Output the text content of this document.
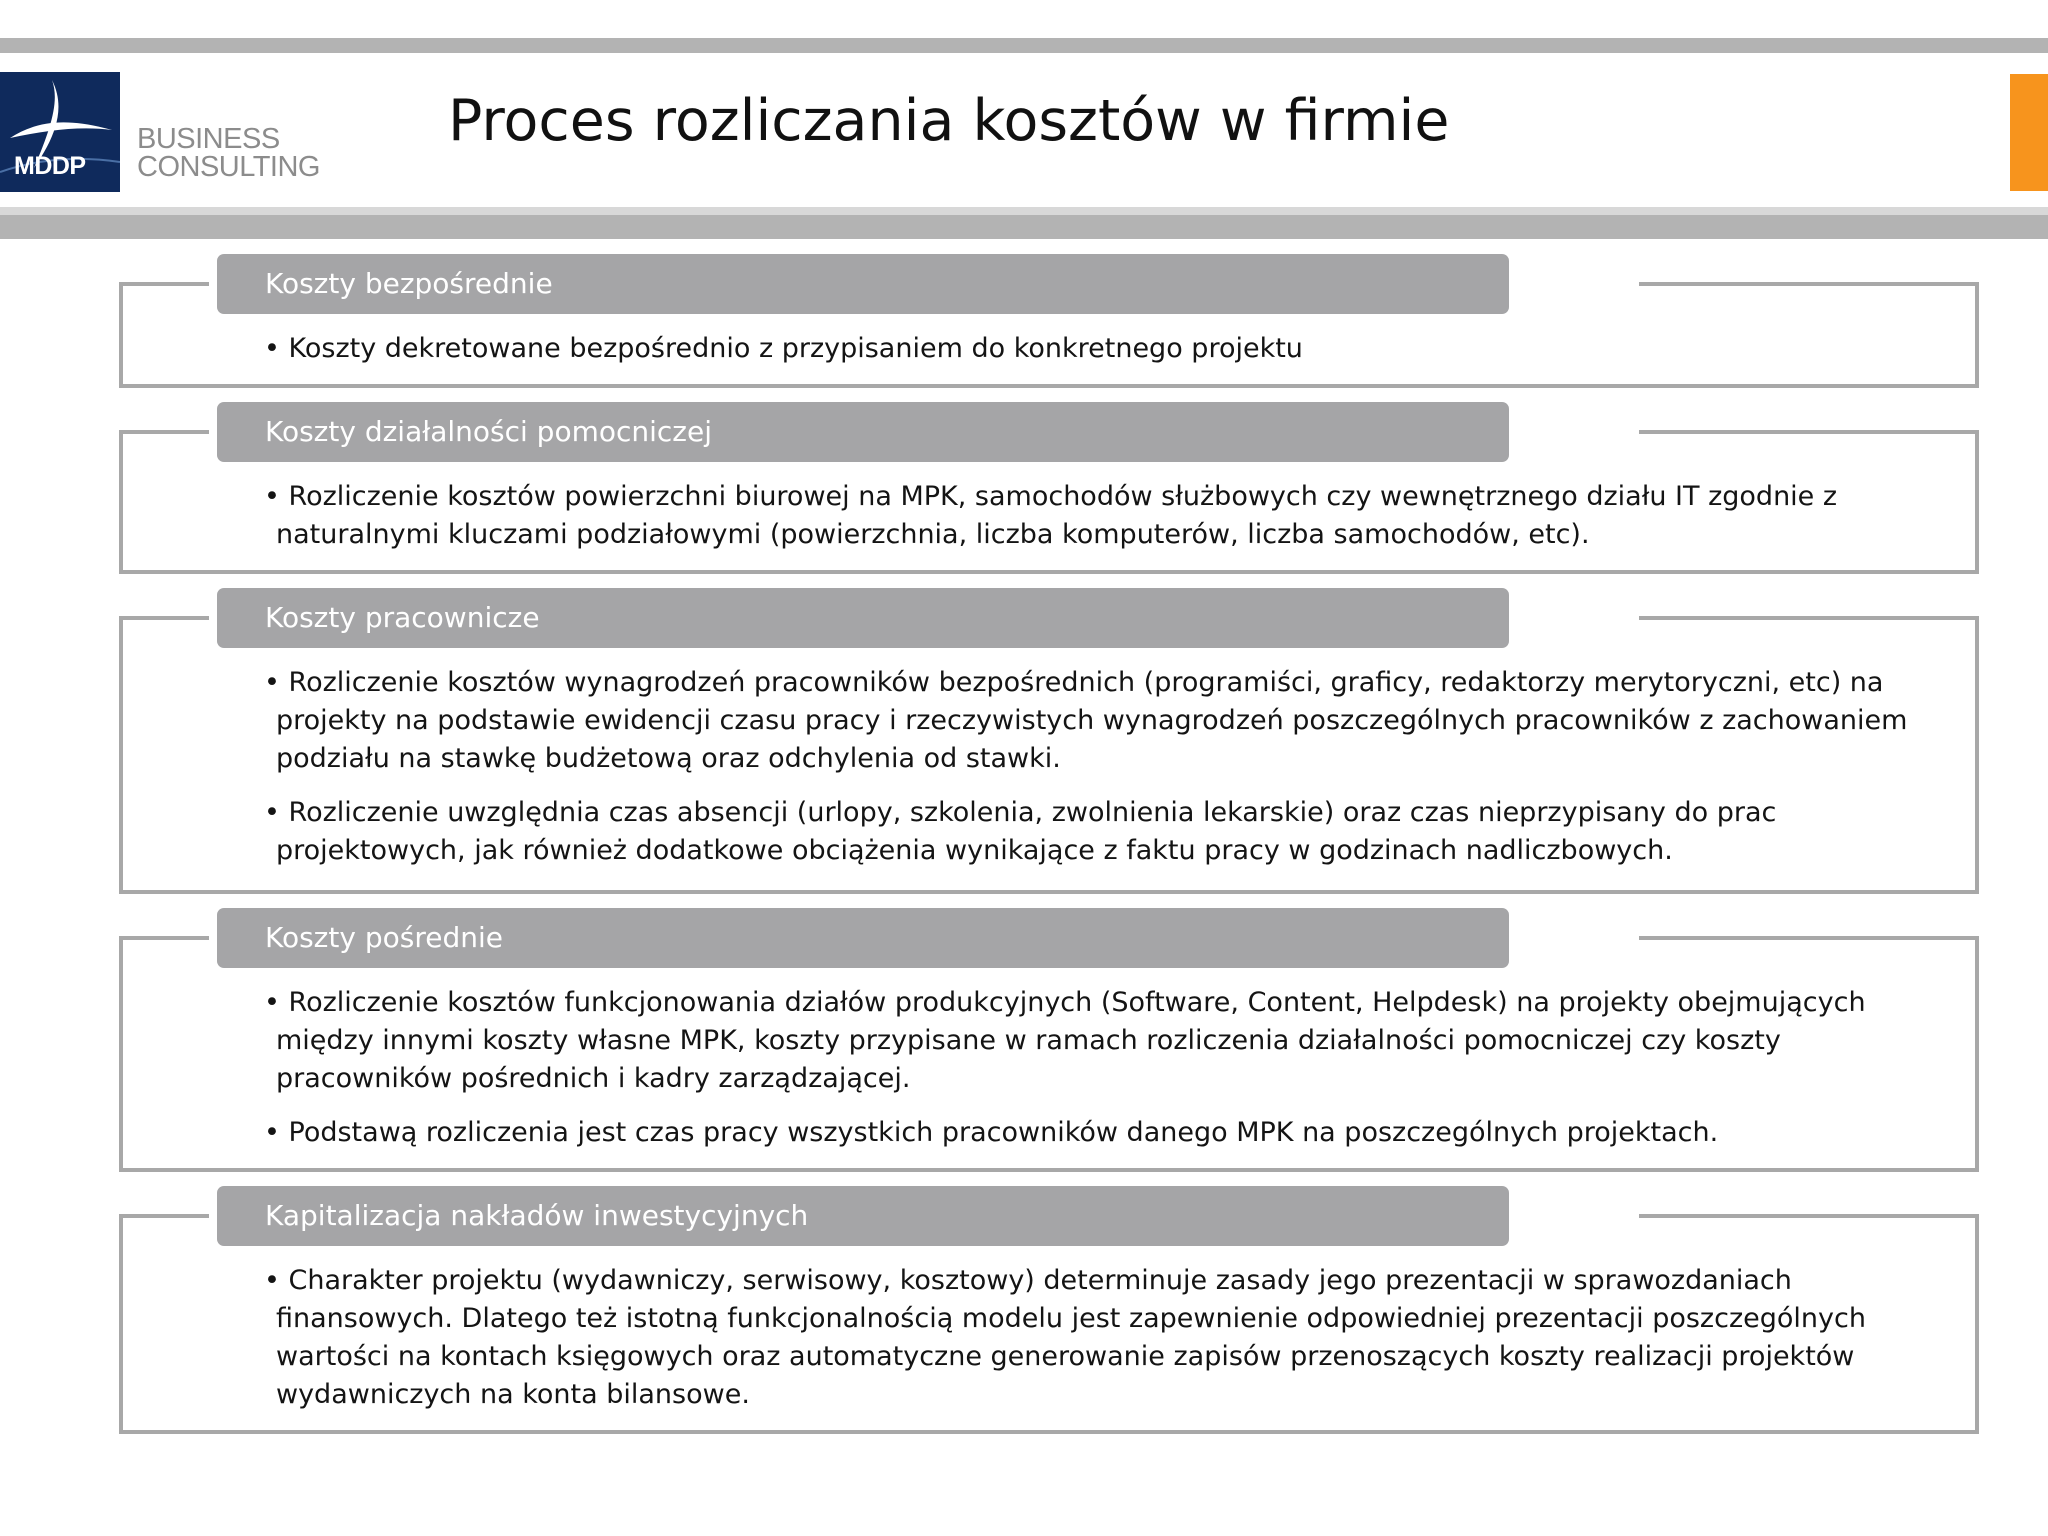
MDDP
BUSINESS
CONSULTING
Proces rozliczania kosztów w firmie
Koszty bezpośrednie
• Koszty dekretowane bezpośrednio z przypisaniem do konkretnego projektu
Koszty działalności pomocniczej
• Rozliczenie kosztów powierzchni biurowej na MPK, samochodów służbowych czy wewnętrznego działu IT zgodnie z naturalnymi kluczami podziałowymi (powierzchnia, liczba komputerów, liczba samochodów, etc).
Koszty pracownicze
• Rozliczenie kosztów wynagrodzeń pracowników bezpośrednich (programiści, graficy, redaktorzy merytoryczni, etc) na projekty na podstawie ewidencji czasu pracy i rzeczywistych wynagrodzeń poszczególnych pracowników z zachowaniem podziału na stawkę budżetową oraz odchylenia od stawki.
• Rozliczenie uwzględnia czas absencji (urlopy, szkolenia, zwolnienia lekarskie) oraz czas nieprzypisany do prac projektowych, jak również dodatkowe obciążenia wynikające z faktu pracy w godzinach nadliczbowych.
Koszty pośrednie
• Rozliczenie kosztów funkcjonowania działów produkcyjnych (Software, Content, Helpdesk) na projekty obejmujących między innymi koszty własne MPK, koszty przypisane w ramach rozliczenia działalności pomocniczej czy koszty pracowników pośrednich i kadry zarządzającej.
• Podstawą rozliczenia jest czas pracy wszystkich pracowników danego MPK na poszczególnych projektach.
Kapitalizacja nakładów inwestycyjnych
• Charakter projektu (wydawniczy, serwisowy, kosztowy) determinuje zasady jego prezentacji w sprawozdaniach finansowych. Dlatego też istotną funkcjonalnością modelu jest zapewnienie odpowiedniej prezentacji poszczególnych wartości na kontach księgowych oraz automatyczne generowanie zapisów przenoszących koszty realizacji projektów wydawniczych na konta bilansowe.
